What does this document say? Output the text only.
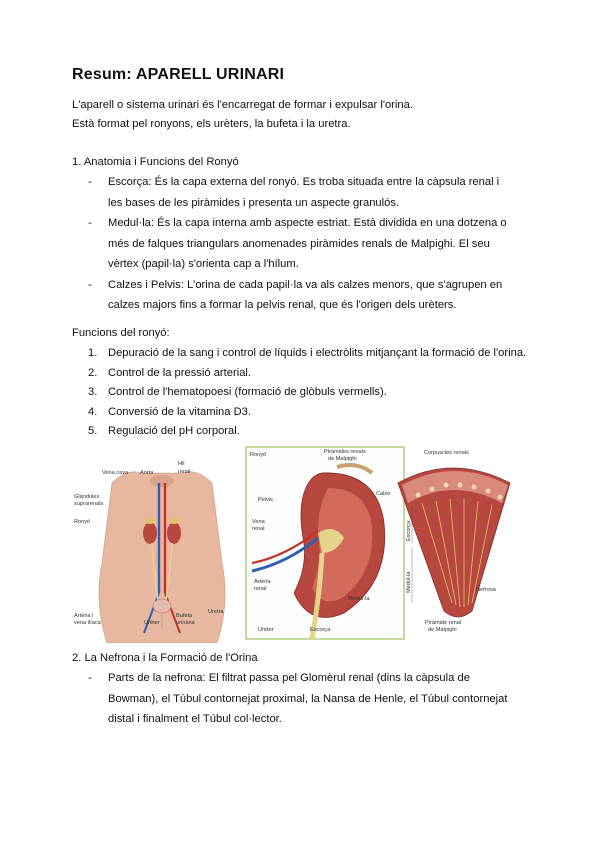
Resum: APARELL URINARI

L'aparell o sistema urinari és l'encarregat de formar i expulsar l'orina.

Està format pel ronyons, els urèters, la bufeta i la uretra.

1. Anatomia i Funcions del Ronyó

- Escorça: És la capa externa del ronyó. Es troba situada entre la càpsula renal i les bases de les piràmides i presenta un aspecte granulós.
- Medul·la: És la capa interna amb aspecte estriat. Està dividida en una dotzena o més de falques triangulars anomenades piràmides renals de Malpighi. El seu vèrtex (papil·la) s'orienta cap a l'hílum.
- Calzes i Pelvis: L'orina de cada papil·la va als calzes menors, que s'agrupen en calzes majors fins a formar la pelvis renal, que és l'origen dels urèters.

Funcions del ronyó:

1. Depuració de la sang i control de líquids i electròlits mitjançant la formació de l'orina.
2. Control de la pressió arterial.
3. Control de l'hematopoesi (formació de glòbuls vermells).
4. Conversió de la vitamina D3.
5. Regulació del pH corporal.
Vena cava Aorta
Hil
renal
Glàndules
suprarenals
Ronyó
Artèria i
vena ilíaca	Urèter
Bufeta
urinària
Uretra
Ronyó	Piràmides renals
de Malpighi
Pelvis
Calze
Vena
renal
Artèria
renal
Medul·la
Urèter	Escorça
Corpuscles renals
Escorça
Medul·la	Nefrona
Piràmide renal
de Malpighi

2. La Nefrona i la Formació de l'Orina

- Parts de la nefrona: El filtrat passa pel Glomèrul renal (dins la càpsula de Bowman), el Túbul contornejat proximal, la Nansa de Henle, el Túbul contornejat distal i finalment el Túbul col·lector.
